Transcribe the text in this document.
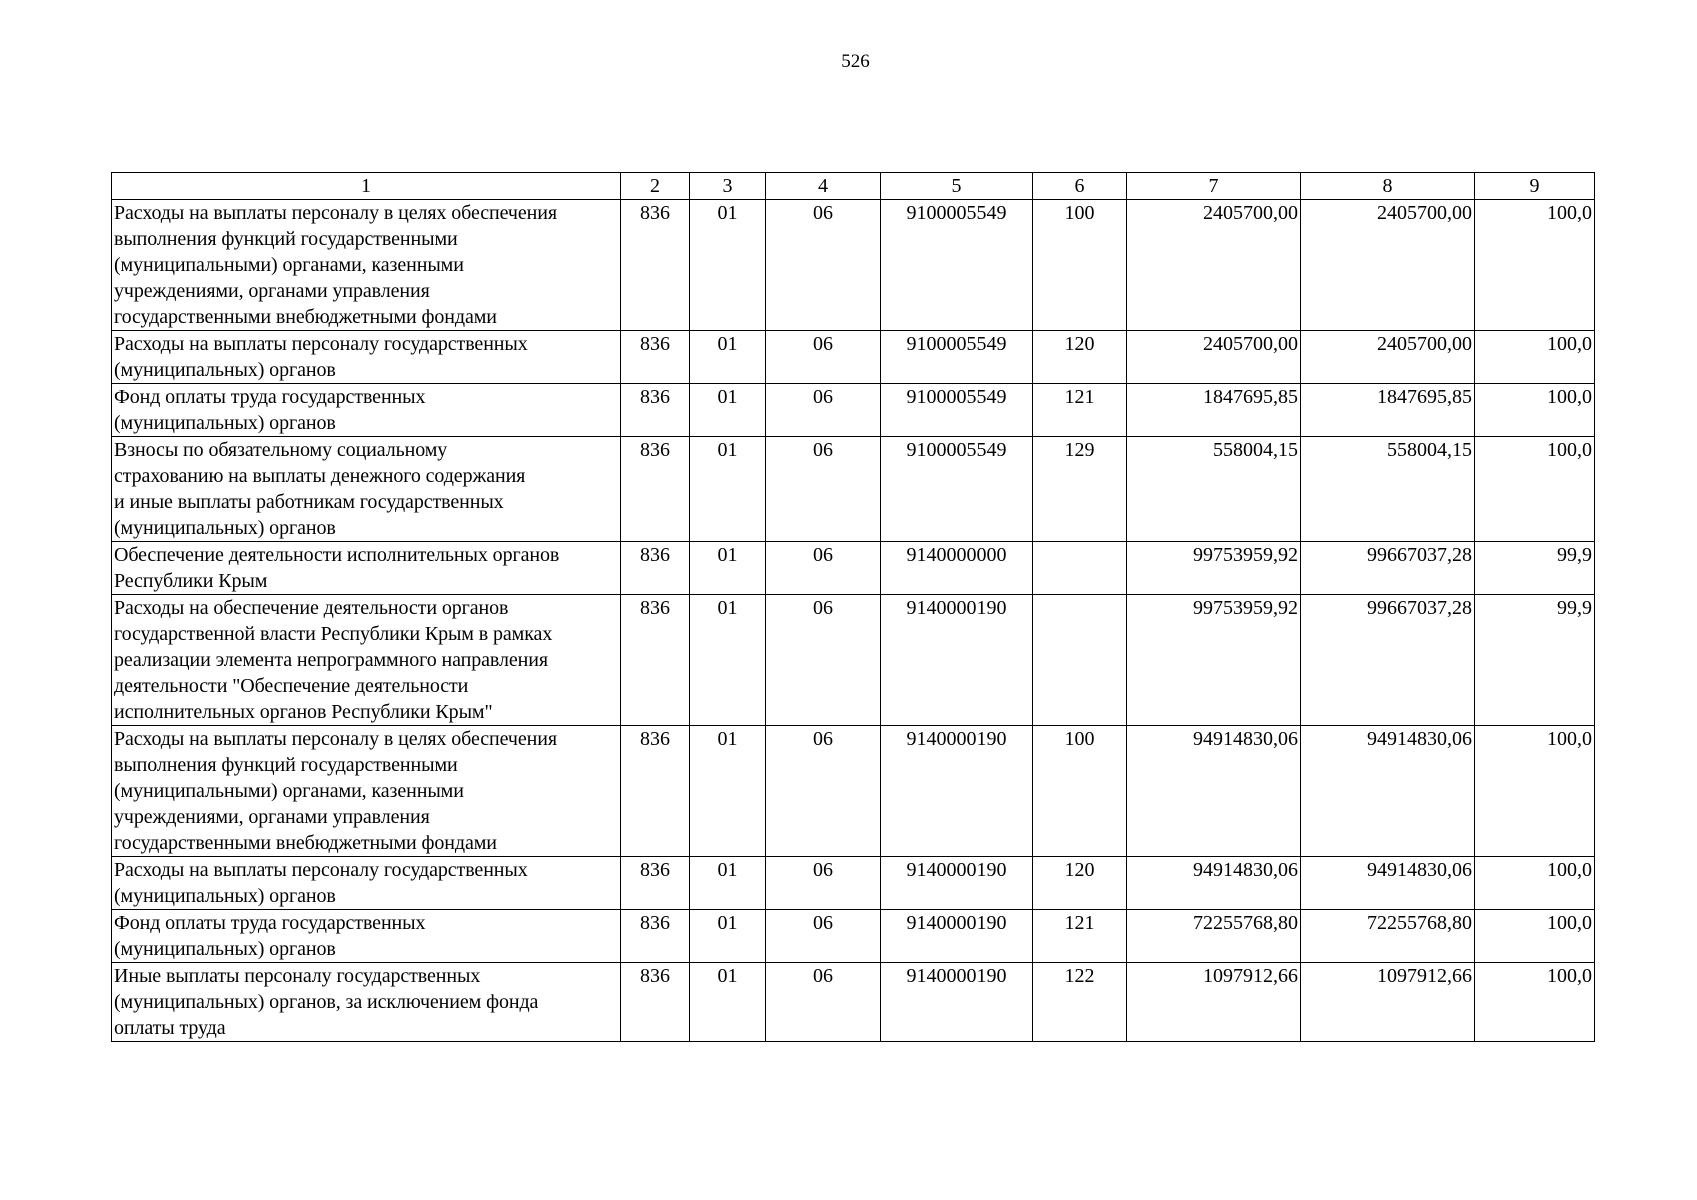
526
1	2	3	4	5	6	7	8	9
Расходы на выплаты персоналу в целях обеспечения
выполнения функций государственными
(муниципальными) органами, казенными
учреждениями, органами управления
государственными внебюджетными фондами	836	01	06	9100005549	100	2405700,00	2405700,00	100,0
Расходы на выплаты персоналу государственных
(муниципальных) органов	836	01	06	9100005549	120	2405700,00	2405700,00	100,0
Фонд оплаты труда государственных
(муниципальных) органов	836	01	06	9100005549	121	1847695,85	1847695,85	100,0
Взносы по обязательному социальному
страхованию на выплаты денежного содержания
и иные выплаты работникам государственных
(муниципальных) органов	836	01	06	9100005549	129	558004,15	558004,15	100,0
Обеспечение деятельности исполнительных органов
Республики Крым	836	01	06	9140000000		99753959,92	99667037,28	99,9
Расходы на обеспечение деятельности органов
государственной власти Республики Крым в рамках
реализации элемента непрограммного направления
деятельности "Обеспечение деятельности
исполнительных органов Республики Крым"	836	01	06	9140000190		99753959,92	99667037,28	99,9
Расходы на выплаты персоналу в целях обеспечения
выполнения функций государственными
(муниципальными) органами, казенными
учреждениями, органами управления
государственными внебюджетными фондами	836	01	06	9140000190	100	94914830,06	94914830,06	100,0
Расходы на выплаты персоналу государственных
(муниципальных) органов	836	01	06	9140000190	120	94914830,06	94914830,06	100,0
Фонд оплаты труда государственных
(муниципальных) органов	836	01	06	9140000190	121	72255768,80	72255768,80	100,0
Иные выплаты персоналу государственных
(муниципальных) органов, за исключением фонда
оплаты труда	836	01	06	9140000190	122	1097912,66	1097912,66	100,0
